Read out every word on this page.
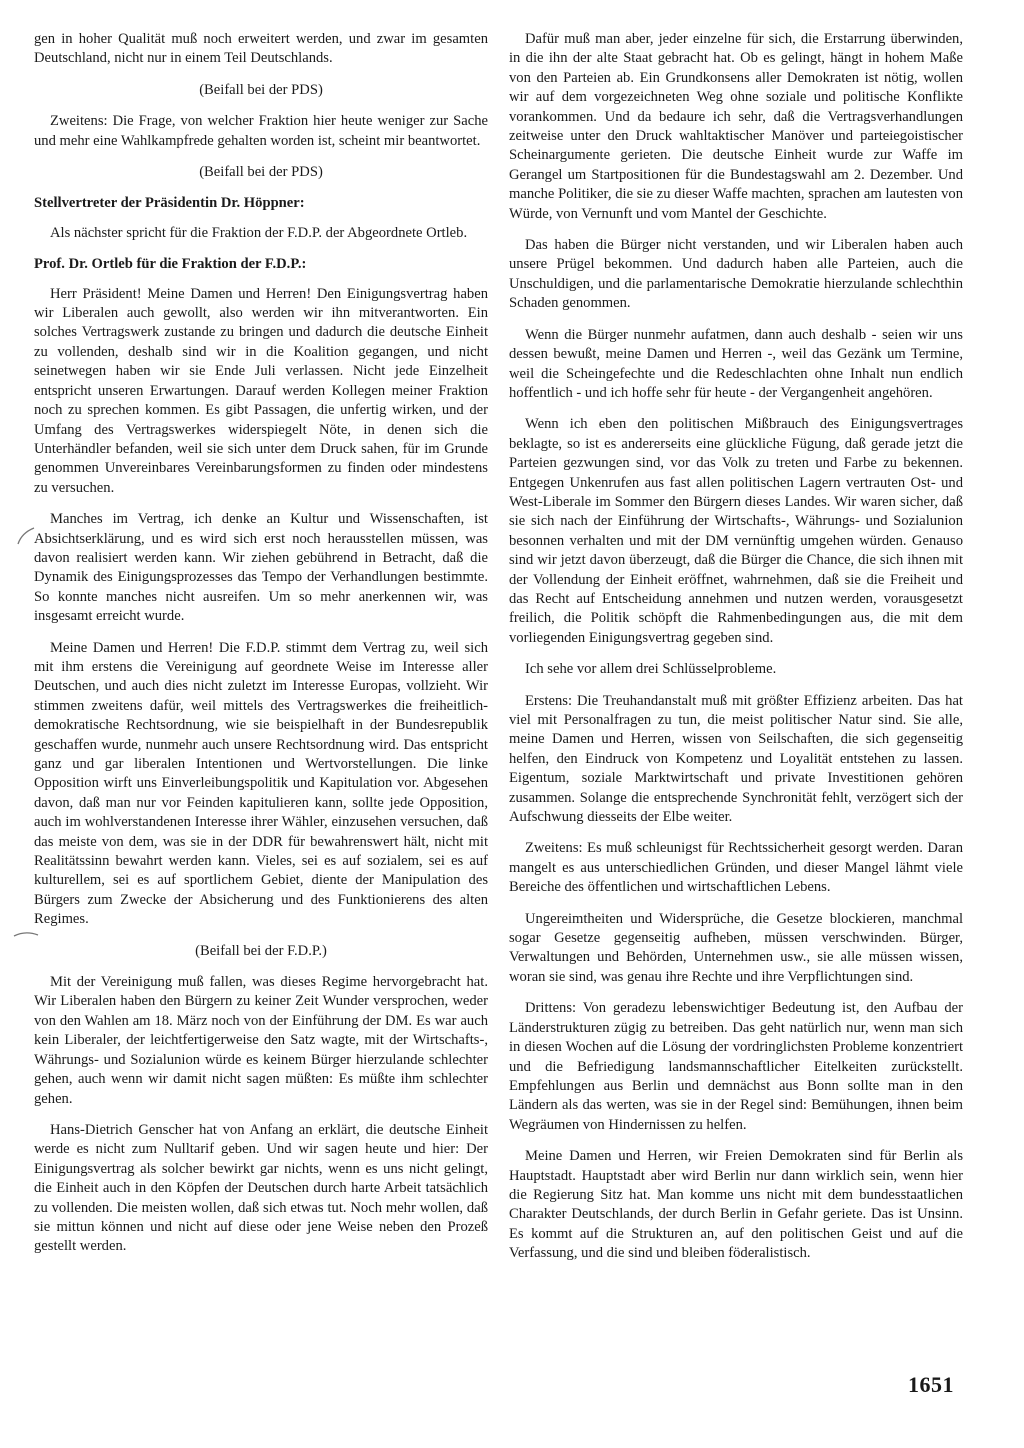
gen in hoher Qualität muß noch erweitert werden, und zwar im gesamten Deutschland, nicht nur in einem Teil Deutschlands.

(Beifall bei der PDS)

Zweitens: Die Frage, von welcher Fraktion hier heute weniger zur Sache und mehr eine Wahlkampfrede gehalten worden ist, scheint mir beantwortet.

(Beifall bei der PDS)

Stellvertreter der Präsidentin Dr. Höppner:

Als nächster spricht für die Fraktion der F.D.P. der Abgeordnete Ortleb.

Prof. Dr. Ortleb für die Fraktion der F.D.P.:

Herr Präsident! Meine Damen und Herren! Den Einigungsvertrag haben wir Liberalen auch gewollt, also werden wir ihn mitverantworten. Ein solches Vertragswerk zustande zu bringen und dadurch die deutsche Einheit zu vollenden, deshalb sind wir in die Koalition gegangen, und nicht seinetwegen haben wir sie Ende Juli verlassen. Nicht jede Einzelheit entspricht unseren Erwartungen. Darauf werden Kollegen meiner Fraktion noch zu sprechen kommen. Es gibt Passagen, die unfertig wirken, und der Umfang des Vertragswerkes widerspiegelt Nöte, in denen sich die Unterhändler befanden, weil sie sich unter dem Druck sahen, für im Grunde genommen Unvereinbares Vereinbarungsformen zu finden oder mindestens zu versuchen.

Manches im Vertrag, ich denke an Kultur und Wissenschaften, ist Absichtserklärung, und es wird sich erst noch herausstellen müssen, was davon realisiert werden kann. Wir ziehen gebührend in Betracht, daß die Dynamik des Einigungsprozesses das Tempo der Verhandlungen bestimmte. So konnte manches nicht ausreifen. Um so mehr anerkennen wir, was insgesamt erreicht wurde.

Meine Damen und Herren! Die F.D.P. stimmt dem Vertrag zu, weil sich mit ihm erstens die Vereinigung auf geordnete Weise im Interesse aller Deutschen, und auch dies nicht zuletzt im Interesse Europas, vollzieht. Wir stimmen zweitens dafür, weil mittels des Vertragswerkes die freiheitlich-demokratische Rechtsordnung, wie sie beispielhaft in der Bundesrepublik geschaffen wurde, nunmehr auch unsere Rechtsordnung wird. Das entspricht ganz und gar liberalen Intentionen und Wertvorstellungen. Die linke Opposition wirft uns Einverleibungspolitik und Kapitulation vor. Abgesehen davon, daß man nur vor Feinden kapitulieren kann, sollte jede Opposition, auch im wohlverstandenen Interesse ihrer Wähler, einzusehen versuchen, daß das meiste von dem, was sie in der DDR für bewahrenswert hält, nicht mit Realitätssinn bewahrt werden kann. Vieles, sei es auf sozialem, sei es auf kulturellem, sei es auf sportlichem Gebiet, diente der Manipulation des Bürgers zum Zwecke der Absicherung und des Funktionierens des alten Regimes.

(Beifall bei der F.D.P.)

Mit der Vereinigung muß fallen, was dieses Regime hervorgebracht hat. Wir Liberalen haben den Bürgern zu keiner Zeit Wunder versprochen, weder von den Wahlen am 18. März noch von der Einführung der DM. Es war auch kein Liberaler, der leichtfertigerweise den Satz wagte, mit der Wirtschafts-, Währungs- und Sozialunion würde es keinem Bürger hierzulande schlechter gehen, auch wenn wir damit nicht sagen müßten: Es müßte ihm schlechter gehen.

Hans-Dietrich Genscher hat von Anfang an erklärt, die deutsche Einheit werde es nicht zum Nulltarif geben. Und wir sagen heute und hier: Der Einigungsvertrag als solcher bewirkt gar nichts, wenn es uns nicht gelingt, die Einheit auch in den Köpfen der Deutschen durch harte Arbeit tatsächlich zu vollenden. Die meisten wollen, daß sich etwas tut. Noch mehr wollen, daß sie mittun können und nicht auf diese oder jene Weise neben den Prozeß gestellt werden.

Dafür muß man aber, jeder einzelne für sich, die Erstarrung überwinden, in die ihn der alte Staat gebracht hat. Ob es gelingt, hängt in hohem Maße von den Parteien ab. Ein Grundkonsens aller Demokraten ist nötig, wollen wir auf dem vorgezeichneten Weg ohne soziale und politische Konflikte vorankommen. Und da bedaure ich sehr, daß die Vertragsverhandlungen zeitweise unter den Druck wahltaktischer Manöver und parteiegoistischer Scheinargumente gerieten. Die deutsche Einheit wurde zur Waffe im Gerangel um Startpositionen für die Bundestagswahl am 2. Dezember. Und manche Politiker, die sie zu dieser Waffe machten, sprachen am lautesten von Würde, von Vernunft und vom Mantel der Geschichte.

Das haben die Bürger nicht verstanden, und wir Liberalen haben auch unsere Prügel bekommen. Und dadurch haben alle Parteien, auch die Unschuldigen, und die parlamentarische Demokratie hierzulande schlechthin Schaden genommen.

Wenn die Bürger nunmehr aufatmen, dann auch deshalb - seien wir uns dessen bewußt, meine Damen und Herren -, weil das Gezänk um Termine, weil die Scheingefechte und die Redeschlachten ohne Inhalt nun endlich hoffentlich - und ich hoffe sehr für heute - der Vergangenheit angehören.

Wenn ich eben den politischen Mißbrauch des Einigungsvertrages beklagte, so ist es andererseits eine glückliche Fügung, daß gerade jetzt die Parteien gezwungen sind, vor das Volk zu treten und Farbe zu bekennen. Entgegen Unkenrufen aus fast allen politischen Lagern vertrauten Ost- und West-Liberale im Sommer den Bürgern dieses Landes. Wir waren sicher, daß sie sich nach der Einführung der Wirtschafts-, Währungs- und Sozialunion besonnen verhalten und mit der DM vernünftig umgehen würden. Genauso sind wir jetzt davon überzeugt, daß die Bürger die Chance, die sich ihnen mit der Vollendung der Einheit eröffnet, wahrnehmen, daß sie die Freiheit und das Recht auf Entscheidung annehmen und nutzen werden, vorausgesetzt freilich, die Politik schöpft die Rahmenbedingungen aus, die mit dem vorliegenden Einigungsvertrag gegeben sind.

Ich sehe vor allem drei Schlüsselprobleme.

Erstens: Die Treuhandanstalt muß mit größter Effizienz arbeiten. Das hat viel mit Personalfragen zu tun, die meist politischer Natur sind. Sie alle, meine Damen und Herren, wissen von Seilschaften, die sich gegenseitig helfen, den Eindruck von Kompetenz und Loyalität entstehen zu lassen. Eigentum, soziale Marktwirtschaft und private Investitionen gehören zusammen. Solange die entsprechende Synchronität fehlt, verzögert sich der Aufschwung diesseits der Elbe weiter.

Zweitens: Es muß schleunigst für Rechtssicherheit gesorgt werden. Daran mangelt es aus unterschiedlichen Gründen, und dieser Mangel lähmt viele Bereiche des öffentlichen und wirtschaftlichen Lebens.

Ungereimtheiten und Widersprüche, die Gesetze blockieren, manchmal sogar Gesetze gegenseitig aufheben, müssen verschwinden. Bürger, Verwaltungen und Behörden, Unternehmen usw., sie alle müssen wissen, woran sie sind, was genau ihre Rechte und ihre Verpflichtungen sind.

Drittens: Von geradezu lebenswichtiger Bedeutung ist, den Aufbau der Länderstrukturen zügig zu betreiben. Das geht natürlich nur, wenn man sich in diesen Wochen auf die Lösung der vordringlichsten Probleme konzentriert und die Befriedigung landsmannschaftlicher Eitelkeiten zurückstellt. Empfehlungen aus Berlin und demnächst aus Bonn sollte man in den Ländern als das werten, was sie in der Regel sind: Bemühungen, ihnen beim Wegräumen von Hindernissen zu helfen.

Meine Damen und Herren, wir Freien Demokraten sind für Berlin als Hauptstadt. Hauptstadt aber wird Berlin nur dann wirklich sein, wenn hier die Regierung Sitz hat. Man komme uns nicht mit dem bundesstaatlichen Charakter Deutschlands, der durch Berlin in Gefahr geriete. Das ist Unsinn. Es kommt auf die Strukturen an, auf den politischen Geist und auf die Verfassung, und die sind und bleiben föderalistisch.

1651
